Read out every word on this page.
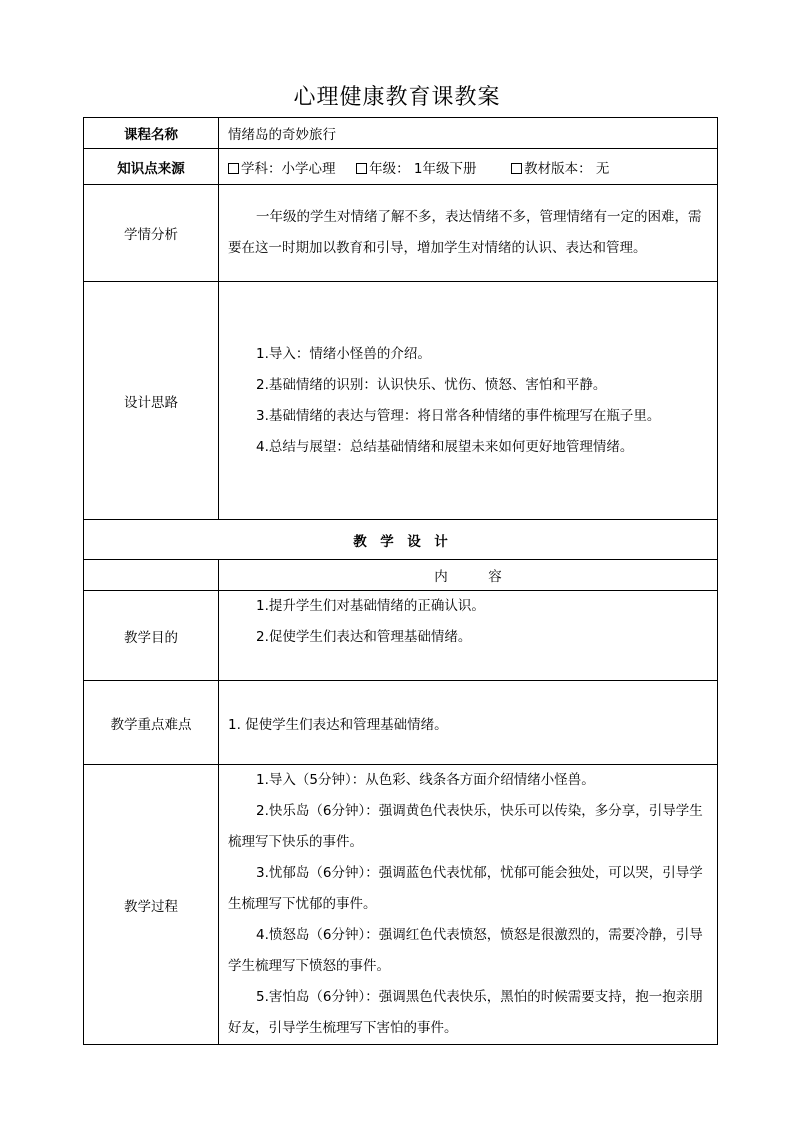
心理健康教育课教案
课程名称	情绪岛的奇妙旅行
知识点来源	学科：小学心理 年级： 1年级下册 教材版本： 无
学情分析	一年级的学生对情绪了解不多，表达情绪不多，管理情绪有一定的困难，需要在这一时期加以教育和引导，增加学生对情绪的认识、表达和管理。

设计思路	1.导入：情绪小怪兽的介绍。

2.基础情绪的识别：认识快乐、忧伤、愤怒、害怕和平静。

3.基础情绪的表达与管理：将日常各种情绪的事件梳理写在瓶子里。

4.总结与展望：总结基础情绪和展望未来如何更好地管理情绪。

教　学　设　计	
	内　　　容
教学目的	1.提升学生们对基础情绪的正确认识。

2.促使学生们表达和管理基础情绪。

教学重点难点	1. 促使学生们表达和管理基础情绪。
教学过程	1.导入（5分钟）：从色彩、线条各方面介绍情绪小怪兽。

2.快乐岛（6分钟）：强调黄色代表快乐，快乐可以传染，多分享，引导学生梳理写下快乐的事件。

3.忧郁岛（6分钟）：强调蓝色代表忧郁，忧郁可能会独处，可以哭，引导学生梳理写下忧郁的事件。

4.愤怒岛（6分钟）：强调红色代表愤怒，愤怒是很激烈的，需要冷静，引导学生梳理写下愤怒的事件。

5.害怕岛（6分钟）：强调黑色代表快乐，黑怕的时候需要支持，抱一抱亲朋好友，引导学生梳理写下害怕的事件。
